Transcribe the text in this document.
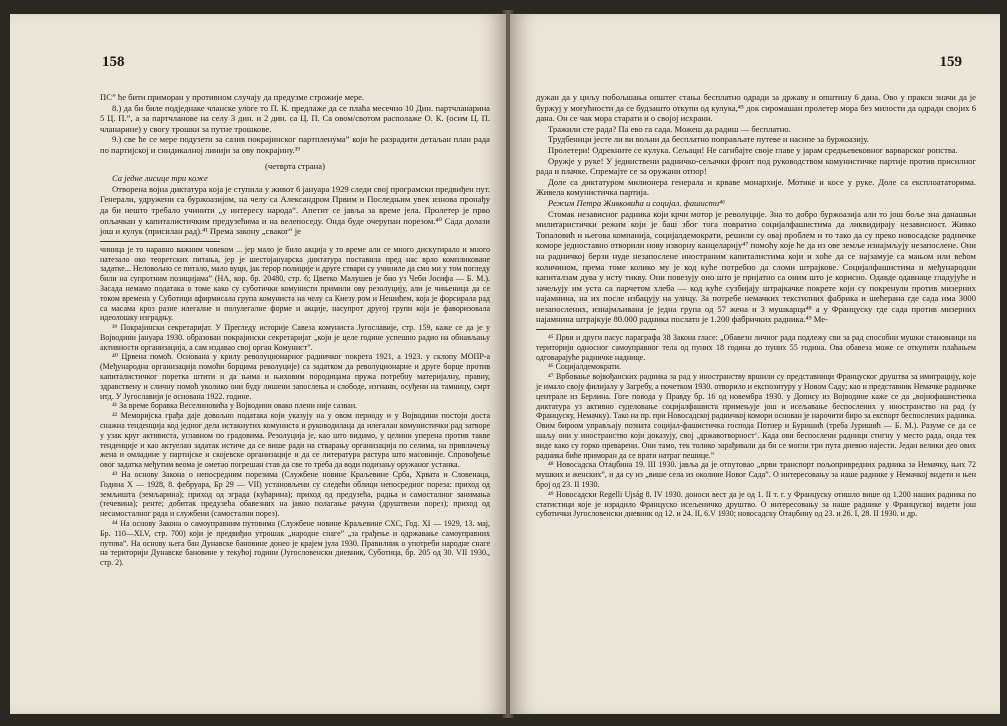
158

ПС” ће бити приморан у противном случају да предузме строжије мере.

8.) да би биле подједнаке чланске улоге то П. К. предлаже да се плаћа месечно 10 Дин. партчланарина 5 Ц. П.”, а за партчланове на селу 3 дин. и 2 дин. са Ц. П. Са овом/свотом располаже О. К. (осим Ц. П. чланарине) у свогу трошки за путне трошкове.

9.) све ће се мере подузети за сазив покрајинског партпленума” који ће разрадити детаљан план рада по партијској и синдикалној линији за ову покрајину.³⁹

(четврта страна)

Са једне лисице три коже

Отворена војна диктатура која је ступила у живот 6 јануара 1929 следи свој програмски предвиђен пут. Генерали, удружени са буржоазијом, на челу са Александром Првим и Последњим увек изнова пронађу да би нешто требало учинити „у интересу народа“. Апетит се јавља за време јела. Пролетер је прво опљачкан у капиталистичким предузећима и на велепоседу. Онда буде очерупан порезом.⁴⁰ Сада долази још и кулук (присилан рад).⁴¹ Према закону „сваког“ је

чиница је то наравно важним човеком ... јер мало је било акција у то време али се много дискутирало и много натезало око теоретских питања, јер је шестојануарска диктатура поставила пред нас врло компликоване задатке... Неловољно се питало, мало вуци, јак терор полиције и друге ствари су учиниле да смо ми у том погледу били на супротним позицијама” (НА, кор. бр. 20480, стр. 6; Цветко Малушев је био уз Чеби Јосифа — Б. М.). Засада немамо података о томе како су суботички комунисти примили ову резолуцију, али је чињеница да се током времена у Суботици афирмисала група комуниста на челу са Киезу ром и Нешићем, која је форсирала рад са масама кроз разне илегалне и полулегалне форме и акције, насупрот другој групи која је фаворизовала идеолошку изградњу.

³⁹ Покрајински секретаријат. У Прегледу историје Савеза комуниста Југославије, стр. 159, каже се да је у Војводини јануара 1930. образован покрајински секретаријат „који је целе године успешно радио на обнављању активности организација, а сам издавао свој орган Комунист”.

⁴⁰ Црвена помоћ. Основана у крилу револуционарног радничког покрета 1921, а 1923. у склопу МОПР-а (Међународна организација помоћи борцима револуције) са задатком да револуционарне и друге борце против капиталистичког поретка штити и да њима и њиховим породицама пружа потребну материјалну, правну, здравствену и сличну помоћ уколико они буду лишени запослења и слободе, изгнани, осуђени на тамницу, смрт итд. У Југославији је основана 1922. године.

⁴¹ За време боравка Веселиновића у Војводини овако плени није сазван.

⁴² Меморијска грађа даје довољно података који указују на у овом периоду и у Војводини постоји доста снажна тенденција код једног дела истакнутих комуниста и руководилаца да илегалан комунистички рад затворе у узак круг активиста, углавном по градовима. Резолуција је, као што видимо, у целини уперена против такве тенденције и као актуелан задатак истиче да се више ради на стварању организација по селима, на привлачењу жена и омладине у партијске и скојевске организације и да се литература растура што масовније. Спровођење овог задатка међутим веома је ометао погрешан став да све то треба да води подизању оружаног устанка.

⁴³ На основу Закона о непосредним порезима (Службене новине Краљевине Срба, Хрвата и Словенаца, Година X — 1928, 8. фебруара, Бр 29 — VII) установљени су следећи облици непосредног пореза: приход од земљишта (земљарина); приход од зграда (кућарина); приход од предузећа, радња и самосталног занимања (течевина); ренте; добитак предузећа обавезних на јавно полагање рачуна (друштвени порез); приход од несамосталног рада и службени (самостални порез).

⁴⁴ На основу Закона о самоуправним путовима (Службене новине Краљевине СХС, Год. XI — 1929, 13. мај, Бр. 110—XLV, стр. 700) који је предвиђао утрошак „народне снаге” „за грађење и одржавање самоуправних путова”. На основу њега бан Дунавске бановине донео је крајем јула 1930. Правилник о употреби народне снаге на територији Дунавске бановине у текућој години (Југословенски дневник, Суботица, бр. 205 од 30. VII 1930., стр. 2).

159

дужан да у циљу побољшања општег стања бесплатно одради за државу и општину 6 дана. Ово у пракси значи да је буржуј у могућности да се будзашто откупи од кулука,⁴⁵ док сиромашан пролетер мора без милости да одради својих 6 дана. Он се чак мора старати и о својој исхрани.

Тражили сте рада? Па ево га сада. Можеш да радиш — бесплатно.

Трудбеници јесте ли ви вољни да бесплатно поправљате путеве и насипе за буржоазију.

Пролетери! Одрекните се кулука. Сељаци! Не сагибајте своје главе у јарам средњевековног варварског ропства.

Оружје у руке! У јединствени радничко-сељачки фронт под руководством комунистичке партије против присилног рада и плачке. Спремајте се за оружани отпор!

Доле са диктатуром милионера генерала и крваве монархије. Мотике и косе у руке. Доле са експлоататорима. Живела комунистичка партија.

Режим Петра Живковића и социјал. фашисти⁴⁶

Стомак независног радника који крчи мотор је револуције. Зна то добро буржоазија али то још боље зна данашњи милитаристички режим који је баш због тога повратио социјалфашистима да ликвидирају независност. Живко Топаловић и његова компанија, социјалдемократи, решили су овај проблем и то тако да су преко новосадске радничке коморе једноставно отворили нову изворну канцеларију⁴⁷ помоћу које ће да из ове земље изнајмљују незапослене. Они на радничкој берзи нуде незапослене иностраним капиталистима који и хоће да се најзамује са мањом или већом количином, према томе колико му је код куће потребно да сломи штрајкове. Социјалфашистима и међународни капиталзам дува у исту тикву. Они повезују оно што је пријатно са оним што је корисно. Одавде одавнаце гладујуће и зачељују им уста са парчетом хлеба — код куће сузбијају штрајкачке покрете који су покренули против мизерних најамнина, на их после избацују на улицу. За потребе немачких текстилних фабрика и шећерана где сада има 3000 незапослених, изнајмљивана је једна група од 57 жена и 3 мушкарца⁴⁸ а у Француску где сада против мизерних најамнина штрајкује 80.000 радника послато је 1.200 фабричких радника.⁴⁹ Ме-

⁴⁵ Први и други пасус параграфа 38 Закона гласе: „Обавезн личног рада подлежу сви за рад способни мушки становници на територији односног самоуправног тела од пуних 18 година до пуних 55 година. Ова обавеза може се откупити плаћањем одговарајуће радничке наднице.

⁴⁶ Социјалдемократи.

⁴⁷ Врбовање војвођанских радника за рад у иностранству вршили су представници Француског друштва за имиграцију, које је имало своју филијалу у Загребу, а почетком 1930. отворило и експозитуру у Новом Саду; као и представник Немачке радничке централе из Берлина. Гоге повода у Правду бр. 16 од новембра 1930. у Допису из Војводине каже се да „војнофашистичка диктатура уз активно суделовање социјалфашиста примењује још и исељавање беспослених у иностранство на рад (у Француску, Немачку). Тако на пр. при Новосадској радничкој комори основан је нарочити биро за експорт беспослених радника. Овим бироом управљају позната социјал-фашистичка господа Потнер и Буришић (треба Јуришић — Б. М.). Разуме се да се шаљу они у иностранство који доказују, свој ‚државотворност‘. Када ови беспослени радници стигну у место рада, онда тек виде како су горко преварени. Они тамо, тек толико зарађивали да би се могли три пута дневно најести. Један велики део ових радника биће приморан да се врати натраг пешице.”

⁴⁸ Новосадска Отаџбина 19. III 1930. јавља да је отпутовао „први транспорт пољопривредних радника за Немачку, њих 72 мушких и женских”, и да су из „више села из околине Новог Сада”. О интересовању за наше раднике у Немачкој видети и њен број од 23. II 1930.

⁴⁹ Новосадски Regelli Ujság 8. IV 1930. доноси вест да је од 1. II т. г. у Француску отишло више од 1.200 наших радника по статистици које је израдило Француско исељеничко друштво. О интересовању за наше раднике у Француској видети још суботички Југословенски дневник од 12. и 24. II, 6.V 1930; новосадску Отаџбину од 23. и 26. I, 28. II 1930. и др.
